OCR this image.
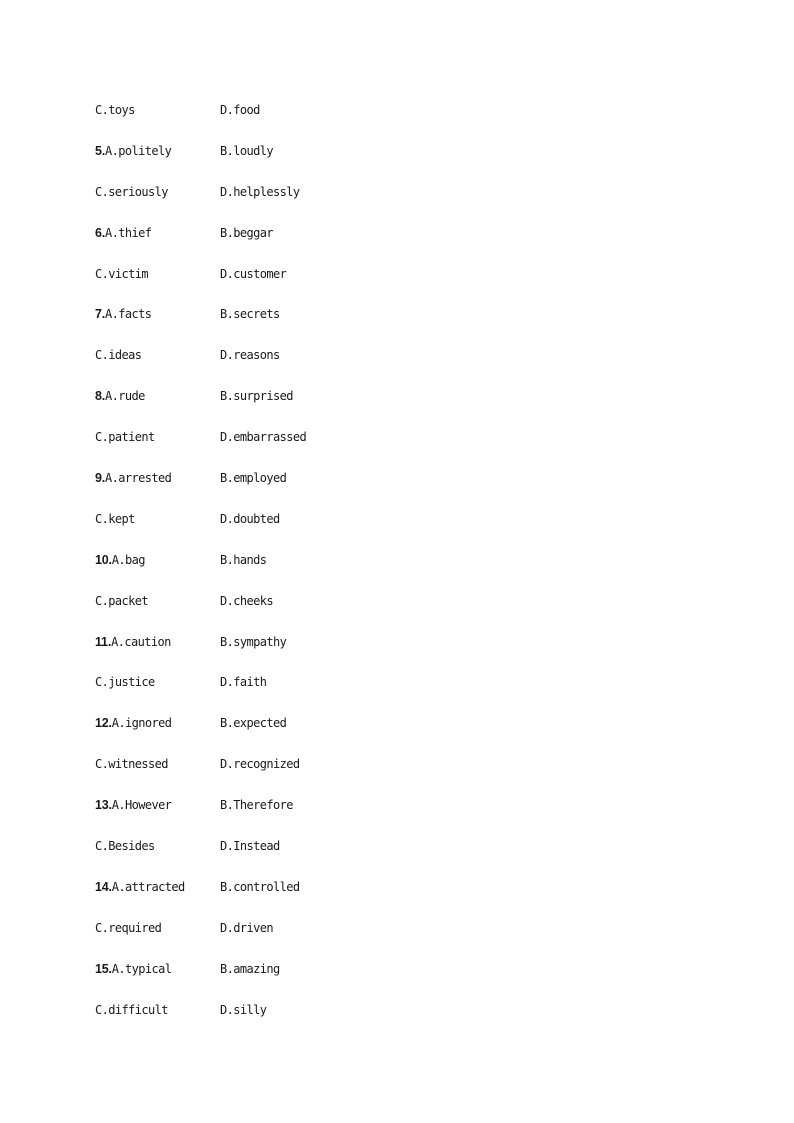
C.toys	D.food
5.A.politely	B.loudly
C.seriously	D.helplessly
6.A.thief	B.beggar
C.victim	D.customer
7.A.facts	B.secrets
C.ideas	D.reasons
8.A.rude	B.surprised
C.patient	D.embarrassed
9.A.arrested	B.employed
C.kept	D.doubted
10.A.bag	B.hands
C.packet	D.cheeks
11.A.caution	B.sympathy
C.justice	D.faith
12.A.ignored	B.expected
C.witnessed	D.recognized
13.A.However	B.Therefore
C.Besides	D.Instead
14.A.attracted	B.controlled
C.required	D.driven
15.A.typical	B.amazing
C.difficult	D.silly
